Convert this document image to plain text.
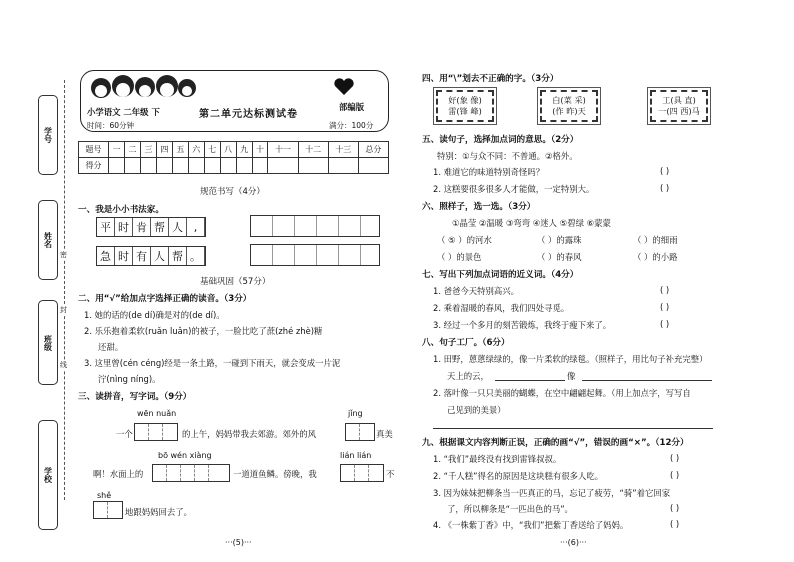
学号
姓名
班级
学校
密
封
线
小学语文 二年级 下	第二单元达标测试卷
部编版
时间：60分钟	满分：100分
题号	一	二	三	四	五	六	七	八	九	十	十一	十二	十三	总分
得分														
规范书写（4分）
一、我是小小书法家。
平 时 肯 帮 人 ,
急 时 有 人 帮 。
基础巩固（57分）
二、用“√”给加点字选择正确的读音。（3分）
1. 她的话的(de dí)确是对的(de dí)。
2. 乐乐抱着柔软(ruǎn luǎn)的被子，一脸比吃了蔗(zhé zhè)糖
还甜。
3. 这里曾(cén céng)经是一条土路，一碰到下雨天，就会变成一片泥
泞(nìng níng)。
三、读拼音，写字词。（9分）
wēn nuǎn	jǐng
一个	的上午，妈妈带我去郊游。郊外的风	真美
bō wén xiàng	lián lián
啊！水面上的	一道道鱼鳞。傍晚，我	不
shě
地跟妈妈回去了。
···(5)···
四、用“\”划去不正确的字。（3分）
好(象 像)
雷(锋 峰)
白(菜 采)
(作 昨)天
工(具 直)
一(四 西)马
五、读句子，选择加点词的意思。（2分）
特别：①与众不同：不普通。②格外。
1. 难道它的味道特别奇怪吗？	( )
2. 这糕要很多很多人才能做，一定特别大。	( )
六、照样子，选一选。（3分）
①晶莹 ②温暖 ③弯弯 ④迷人 ⑤碧绿 ⑥蒙蒙
（ ⑤ ）的河水	（ ）的露珠	（ ）的细雨
（ ）的景色	（ ）的春风	（ ）的小路
七、写出下列加点词语的近义词。（4分）
1. 爸爸今天特别高兴。	( )
2. 乘着湿暖的春风，我们四处寻觅。	( )
3. 经过一个多月的刻苦锻炼，我终于瘦下来了。	( )
八、句子工厂。（6分）
1. 田野，蒽蒽绿绿的，像一片柔软的绿毯。（照样子，用比句子补充完整）
天上的云，	像
2. 落叶像一只只美丽的蝴蝶，在空中翩翩起舞。（用上加点字，写写自
己见到的美景）
九、根据课文内容判断正误，正确的画“√”，错误的画“×”。（12分）
1. “我们”最终没有找到雷锋叔叔。	( )
2. “千人糕”得名的原因是这块糕有很多人吃。	( )
3. 因为妹妹把柳条当一匹真正的马，忘记了疲劳，“骑”着它回家
了，所以柳条是“一匹出色的马”。	( )
4. 《一株紫丁香》中，“我们”把紫丁香送给了妈妈。	( )
···(6)···
